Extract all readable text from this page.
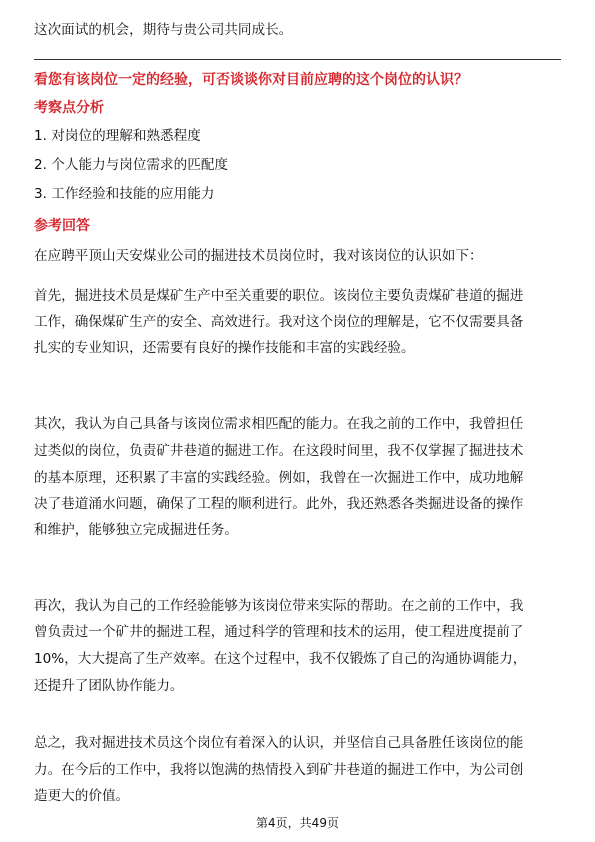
这次面试的机会，期待与贵公司共同成长。

看您有该岗位一定的经验，可否谈谈你对目前应聘的这个岗位的认识？

考察点分析

1. 对岗位的理解和熟悉程度

2. 个人能力与岗位需求的匹配度

3. 工作经验和技能的应用能力

参考回答

在应聘平顶山天安煤业公司的掘进技术员岗位时，我对该岗位的认识如下：

首先，掘进技术员是煤矿生产中至关重要的职位。该岗位主要负责煤矿巷道的掘进

工作，确保煤矿生产的安全、高效进行。我对这个岗位的理解是，它不仅需要具备

扎实的专业知识，还需要有良好的操作技能和丰富的实践经验。

其次，我认为自己具备与该岗位需求相匹配的能力。在我之前的工作中，我曾担任

过类似的岗位，负责矿井巷道的掘进工作。在这段时间里，我不仅掌握了掘进技术

的基本原理，还积累了丰富的实践经验。例如，我曾在一次掘进工作中，成功地解

决了巷道涌水问题，确保了工程的顺利进行。此外，我还熟悉各类掘进设备的操作

和维护，能够独立完成掘进任务。

再次，我认为自己的工作经验能够为该岗位带来实际的帮助。在之前的工作中，我

曾负责过一个矿井的掘进工程，通过科学的管理和技术的运用，使工程进度提前了

10%，大大提高了生产效率。在这个过程中，我不仅锻炼了自己的沟通协调能力，

还提升了团队协作能力。

总之，我对掘进技术员这个岗位有着深入的认识，并坚信自己具备胜任该岗位的能

力。在今后的工作中，我将以饱满的热情投入到矿井巷道的掘进工作中，为公司创

造更大的价值。

第4页，共49页
